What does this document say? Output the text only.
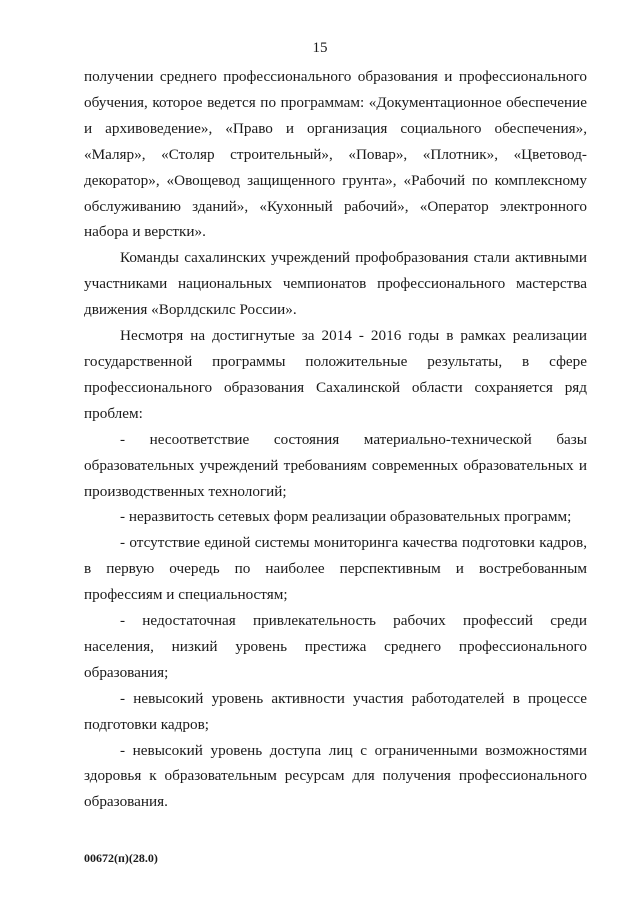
15

получении среднего профессионального образования и профессионального обучения, которое ведется по программам: «Документационное обеспечение и архивоведение», «Право и организация социального обеспечения», «Маляр», «Столяр строительный», «Повар», «Плотник», «Цветовод-декоратор», «Овощевод защищенного грунта», «Рабочий по комплексному обслуживанию зданий», «Кухонный рабочий», «Оператор электронного набора и верстки».

Команды сахалинских учреждений профобразования стали активными участниками национальных чемпионатов профессионального мастерства движения «Ворлдскилс России».

Несмотря на достигнутые за 2014 - 2016 годы в рамках реализации государственной программы положительные результаты, в сфере профессионального образования Сахалинской области сохраняется ряд проблем:

- несоответствие состояния материально-технической базы образовательных учреждений требованиям современных образовательных и производственных технологий;

- неразвитость сетевых форм реализации образовательных программ;

- отсутствие единой системы мониторинга качества подготовки кадров, в первую очередь по наиболее перспективным и востребованным профессиям и специальностям;

- недостаточная привлекательность рабочих профессий среди населения, низкий уровень престижа среднего профессионального образования;

- невысокий уровень активности участия работодателей в процессе подготовки кадров;

- невысокий уровень доступа лиц с ограниченными возможностями здоровья к образовательным ресурсам для получения профессионального образования.

00672(п)(28.0)
